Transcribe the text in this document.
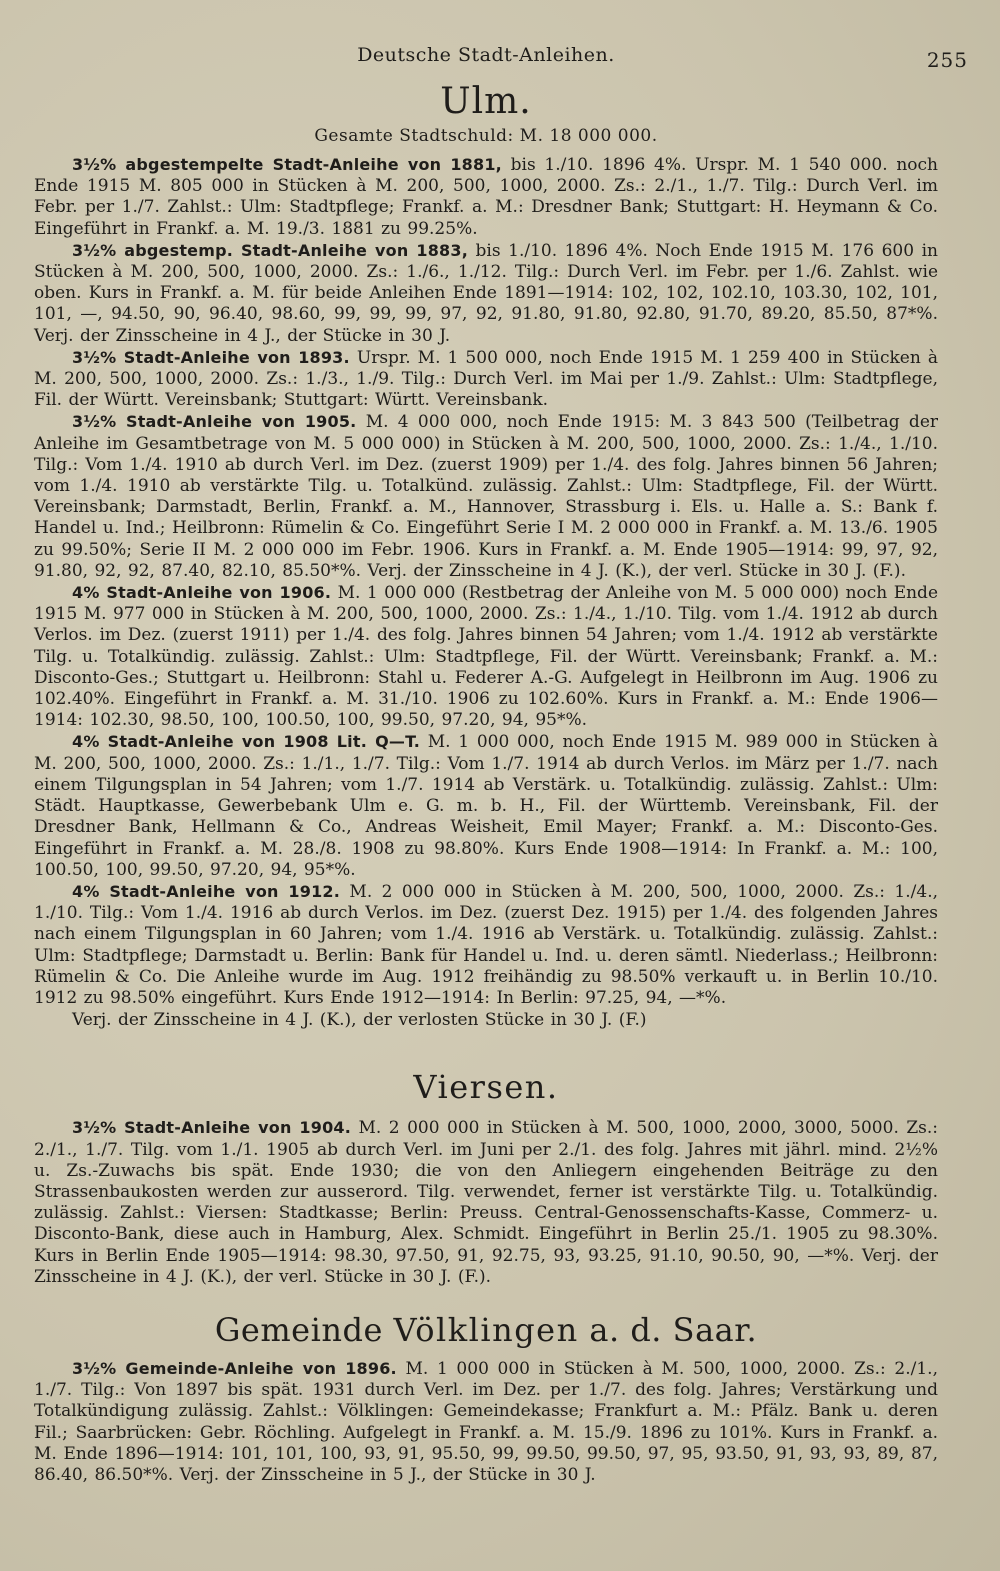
Deutsche Stadt-Anleihen.	255
Ulm.
Gesamte Stadtschuld: M. 18 000 000.

3½% abgestempelte Stadt-Anleihe von 1881, bis 1./10. 1896 4%. Urspr. M. 1 540 000. noch Ende 1915 M. 805 000 in Stücken à M. 200, 500, 1000, 2000. Zs.: 2./1., 1./7. Tilg.: Durch Verl. im Febr. per 1./7. Zahlst.: Ulm: Stadtpflege; Frankf. a. M.: Dresdner Bank; Stuttgart: H. Heymann & Co. Eingeführt in Frankf. a. M. 19./3. 1881 zu 99.25%.

3½% abgestemp. Stadt-Anleihe von 1883, bis 1./10. 1896 4%. Noch Ende 1915 M. 176 600 in Stücken à M. 200, 500, 1000, 2000. Zs.: 1./6., 1./12. Tilg.: Durch Verl. im Febr. per 1./6. Zahlst. wie oben. Kurs in Frankf. a. M. für beide Anleihen Ende 1891—1914: 102, 102, 102.10, 103.30, 102, 101, 101, —, 94.50, 90, 96.40, 98.60, 99, 99, 99, 97, 92, 91.80, 91.80, 92.80, 91.70, 89.20, 85.50, 87*%. Verj. der Zinsscheine in 4 J., der Stücke in 30 J.

3½% Stadt-Anleihe von 1893. Urspr. M. 1 500 000, noch Ende 1915 M. 1 259 400 in Stücken à M. 200, 500, 1000, 2000. Zs.: 1./3., 1./9. Tilg.: Durch Verl. im Mai per 1./9. Zahlst.: Ulm: Stadtpflege, Fil. der Württ. Vereinsbank; Stuttgart: Württ. Vereinsbank.

3½% Stadt-Anleihe von 1905. M. 4 000 000, noch Ende 1915: M. 3 843 500 (Teilbetrag der Anleihe im Gesamtbetrage von M. 5 000 000) in Stücken à M. 200, 500, 1000, 2000. Zs.: 1./4., 1./10. Tilg.: Vom 1./4. 1910 ab durch Verl. im Dez. (zuerst 1909) per 1./4. des folg. Jahres binnen 56 Jahren; vom 1./4. 1910 ab verstärkte Tilg. u. Totalkünd. zulässig. Zahlst.: Ulm: Stadtpflege, Fil. der Württ. Vereinsbank; Darmstadt, Berlin, Frankf. a. M., Hannover, Strassburg i. Els. u. Halle a. S.: Bank f. Handel u. Ind.; Heilbronn: Rümelin & Co. Eingeführt Serie I M. 2 000 000 in Frankf. a. M. 13./6. 1905 zu 99.50%; Serie II M. 2 000 000 im Febr. 1906. Kurs in Frankf. a. M. Ende 1905—1914: 99, 97, 92, 91.80, 92, 92, 87.40, 82.10, 85.50*%. Verj. der Zinsscheine in 4 J. (K.), der verl. Stücke in 30 J. (F.).

4% Stadt-Anleihe von 1906. M. 1 000 000 (Restbetrag der Anleihe von M. 5 000 000) noch Ende 1915 M. 977 000 in Stücken à M. 200, 500, 1000, 2000. Zs.: 1./4., 1./10. Tilg. vom 1./4. 1912 ab durch Verlos. im Dez. (zuerst 1911) per 1./4. des folg. Jahres binnen 54 Jahren; vom 1./4. 1912 ab verstärkte Tilg. u. Totalkündig. zulässig. Zahlst.: Ulm: Stadtpflege, Fil. der Württ. Vereinsbank; Frankf. a. M.: Disconto-Ges.; Stuttgart u. Heilbronn: Stahl u. Federer A.-G. Aufgelegt in Heilbronn im Aug. 1906 zu 102.40%. Eingeführt in Frankf. a. M. 31./10. 1906 zu 102.60%. Kurs in Frankf. a. M.: Ende 1906—1914: 102.30, 98.50, 100, 100.50, 100, 99.50, 97.20, 94, 95*%.

4% Stadt-Anleihe von 1908 Lit. Q—T. M. 1 000 000, noch Ende 1915 M. 989 000 in Stücken à M. 200, 500, 1000, 2000. Zs.: 1./1., 1./7. Tilg.: Vom 1./7. 1914 ab durch Verlos. im März per 1./7. nach einem Tilgungsplan in 54 Jahren; vom 1./7. 1914 ab Verstärk. u. Totalkündig. zulässig. Zahlst.: Ulm: Städt. Hauptkasse, Gewerbebank Ulm e. G. m. b. H., Fil. der Württemb. Vereinsbank, Fil. der Dresdner Bank, Hellmann & Co., Andreas Weisheit, Emil Mayer; Frankf. a. M.: Disconto-Ges. Eingeführt in Frankf. a. M. 28./8. 1908 zu 98.80%. Kurs Ende 1908—1914: In Frankf. a. M.: 100, 100.50, 100, 99.50, 97.20, 94, 95*%.

4% Stadt-Anleihe von 1912. M. 2 000 000 in Stücken à M. 200, 500, 1000, 2000. Zs.: 1./4., 1./10. Tilg.: Vom 1./4. 1916 ab durch Verlos. im Dez. (zuerst Dez. 1915) per 1./4. des folgenden Jahres nach einem Tilgungsplan in 60 Jahren; vom 1./4. 1916 ab Verstärk. u. Totalkündig. zulässig. Zahlst.: Ulm: Stadtpflege; Darmstadt u. Berlin: Bank für Handel u. Ind. u. deren sämtl. Niederlass.; Heilbronn: Rümelin & Co. Die Anleihe wurde im Aug. 1912 freihändig zu 98.50% verkauft u. in Berlin 10./10. 1912 zu 98.50% eingeführt. Kurs Ende 1912—1914: In Berlin: 97.25, 94, —*%.

Verj. der Zinsscheine in 4 J. (K.), der verlosten Stücke in 30 J. (F.)

Viersen.

3½% Stadt-Anleihe von 1904. M. 2 000 000 in Stücken à M. 500, 1000, 2000, 3000, 5000. Zs.: 2./1., 1./7. Tilg. vom 1./1. 1905 ab durch Verl. im Juni per 2./1. des folg. Jahres mit jährl. mind. 2½% u. Zs.-Zuwachs bis spät. Ende 1930; die von den Anliegern eingehenden Beiträge zu den Strassenbaukosten werden zur ausserord. Tilg. verwendet, ferner ist verstärkte Tilg. u. Totalkündig. zulässig. Zahlst.: Viersen: Stadtkasse; Berlin: Preuss. Central-Genossenschafts-Kasse, Commerz- u. Disconto-Bank, diese auch in Hamburg, Alex. Schmidt. Eingeführt in Berlin 25./1. 1905 zu 98.30%. Kurs in Berlin Ende 1905—1914: 98.30, 97.50, 91, 92.75, 93, 93.25, 91.10, 90.50, 90, —*%. Verj. der Zinsscheine in 4 J. (K.), der verl. Stücke in 30 J. (F.).

Gemeinde Völklingen a. d. Saar.

3½% Gemeinde-Anleihe von 1896. M. 1 000 000 in Stücken à M. 500, 1000, 2000. Zs.: 2./1., 1./7. Tilg.: Von 1897 bis spät. 1931 durch Verl. im Dez. per 1./7. des folg. Jahres; Verstärkung und Totalkündigung zulässig. Zahlst.: Völklingen: Gemeindekasse; Frankfurt a. M.: Pfälz. Bank u. deren Fil.; Saarbrücken: Gebr. Röchling. Aufgelegt in Frankf. a. M. 15./9. 1896 zu 101%. Kurs in Frankf. a. M. Ende 1896—1914: 101, 101, 100, 93, 91, 95.50, 99, 99.50, 99.50, 97, 95, 93.50, 91, 93, 93, 89, 87, 86.40, 86.50*%. Verj. der Zinsscheine in 5 J., der Stücke in 30 J.
